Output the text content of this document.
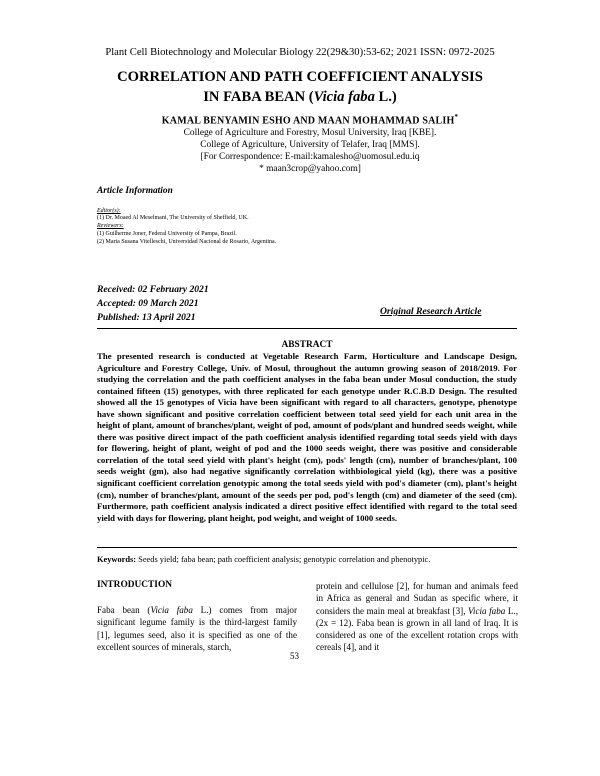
Plant Cell Biotechnology and Molecular Biology 22(29&30):53-62; 2021 ISSN: 0972-2025
CORRELATION AND PATH COEFFICIENT ANALYSIS
IN FABA BEAN (Vicia faba L.)
KAMAL BENYAMIN ESHO AND MAAN MOHAMMAD SALIH*
College of Agriculture and Forestry, Mosul University, Iraq [KBE].
College of Agriculture, University of Telafer, Iraq [MMS].
[For Correspondence: E-mail:kamalesho@uomosul.edu.iq
* maan3crop@yahoo.com]
Article Information
Editor(s):
(1) Dr. Moaed Al Meselmani, The University of Sheffield, UK.
Reviewers:
(1) Guilherme Joner, Federal University of Pampa, Brazil.
(2) Maria Susana Vitelleschi, Universidad Nacional de Rosario, Argentina.
Received: 02 February 2021
Accepted: 09 March 2021
Published: 13 April 2021
Original Research Article
ABSTRACT
The presented research is conducted at Vegetable Research Farm, Horticulture and Landscape Design, Agriculture and Forestry College, Univ. of Mosul, throughout the autumn growing season of 2018/2019. For studying the correlation and the path coefficient analyses in the faba bean under Mosul conduction, the study contained fifteen (15) genotypes, with three replicated for each genotype under R.C.B.D Design. The resulted showed all the 15 genotypes of Vicia have been significant with regard to all characters, genotype, phenotype have shown significant and positive correlation coefficient between total seed yield for each unit area in the height of plant, amount of branches/plant, weight of pod, amount of pods/plant and hundred seeds weight, while there was positive direct impact of the path coefficient analysis identified regarding total seeds yield with days for flowering, height of plant, weight of pod and the 1000 seeds weight, there was positive and considerable correlation of the total seed yield with plant's height (cm), pods' length (cm), number of branches/plant, 100 seeds weight (gm), also had negative significantly correlation withbiological yield (kg), there was a positive significant coefficient correlation genotypic among the total seeds yield with pod's diameter (cm), plant's height (cm), number of branches/plant, amount of the seeds per pod, pod's length (cm) and diameter of the seed (cm). Furthermore, path coefficient analysis indicated a direct positive effect identified with regard to the total seed yield with days for flowering, plant height, pod weight, and weight of 1000 seeds.
Keywords: Seeds yield; faba bean; path coefficient analysis; genotypic correlation and phenotypic.
INTRODUCTION
Faba bean (Vicia faba L.) comes from major significant legume family is the third-largest family [1], legumes seed, also it is specified as one of the excellent sources of minerals, starch,
protein and cellulose [2], for human and animals feed in Africa as general and Sudan as specific where, it considers the main meal at breakfast [3], Vicia faba L., (2x = 12). Faba bean is grown in all land of Iraq. It is considered as one of the excellent rotation crops with cereals [4], and it
53
